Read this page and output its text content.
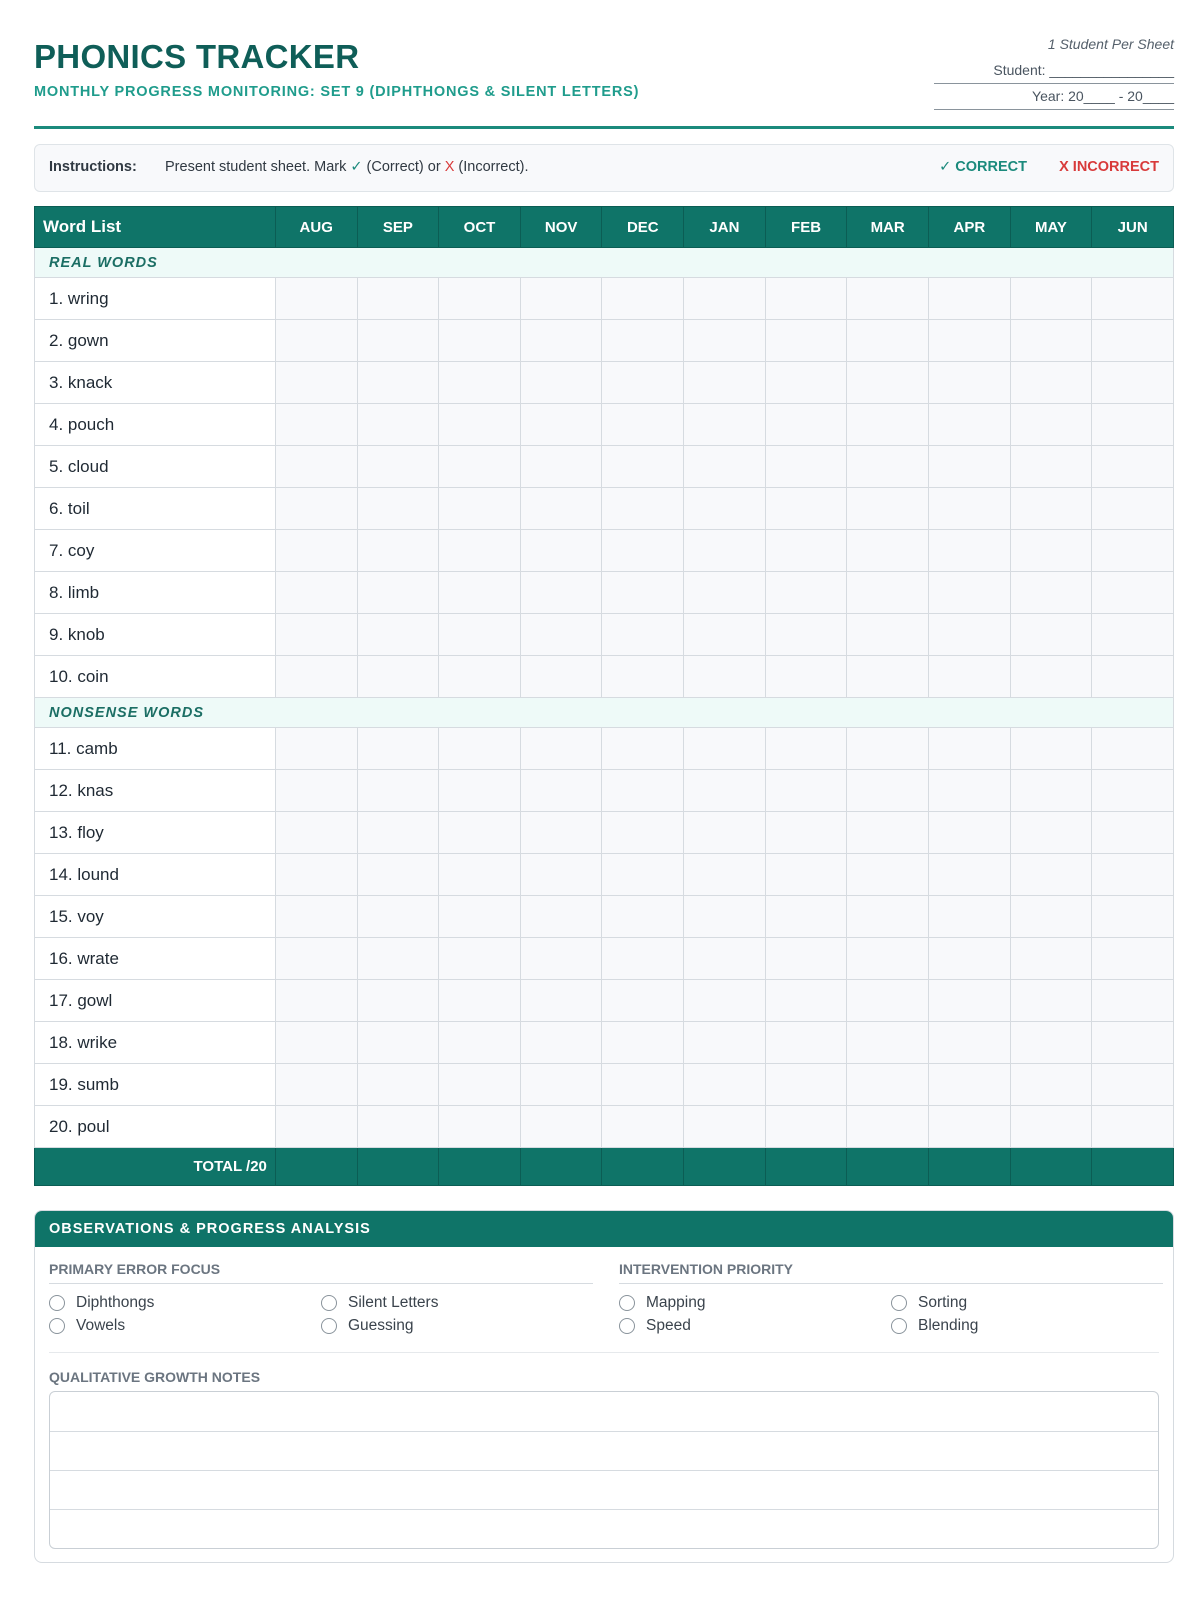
PHONICS TRACKER
MONTHLY PROGRESS MONITORING: SET 9 (DIPHTHONGS & SILENT LETTERS)
1 Student Per Sheet
Student: ________________
Year: 20____ - 20____
Instructions: Present student sheet. Mark ✓ (Correct) or X (Incorrect).	✓ CORRECT X INCORRECT
Word List	AUG	SEP	OCT	NOV	DEC	JAN	FEB	MAR	APR	MAY	JUN
REAL WORDS											
1. wring											
2. gown											
3. knack											
4. pouch											
5. cloud											
6. toil											
7. coy											
8. limb											
9. knob											
10. coin											
NONSENSE WORDS											
11. camb											
12. knas											
13. floy											
14. lound											
15. voy											
16. wrate											
17. gowl											
18. wrike											
19. sumb											
20. poul											
TOTAL /20											
OBSERVATIONS & PROGRESS ANALYSIS
PRIMARY ERROR FOCUS
Diphthongs	Silent Letters
Vowels	Guessing
INTERVENTION PRIORITY
Mapping	Sorting
Speed	Blending
QUALITATIVE GROWTH NOTES
